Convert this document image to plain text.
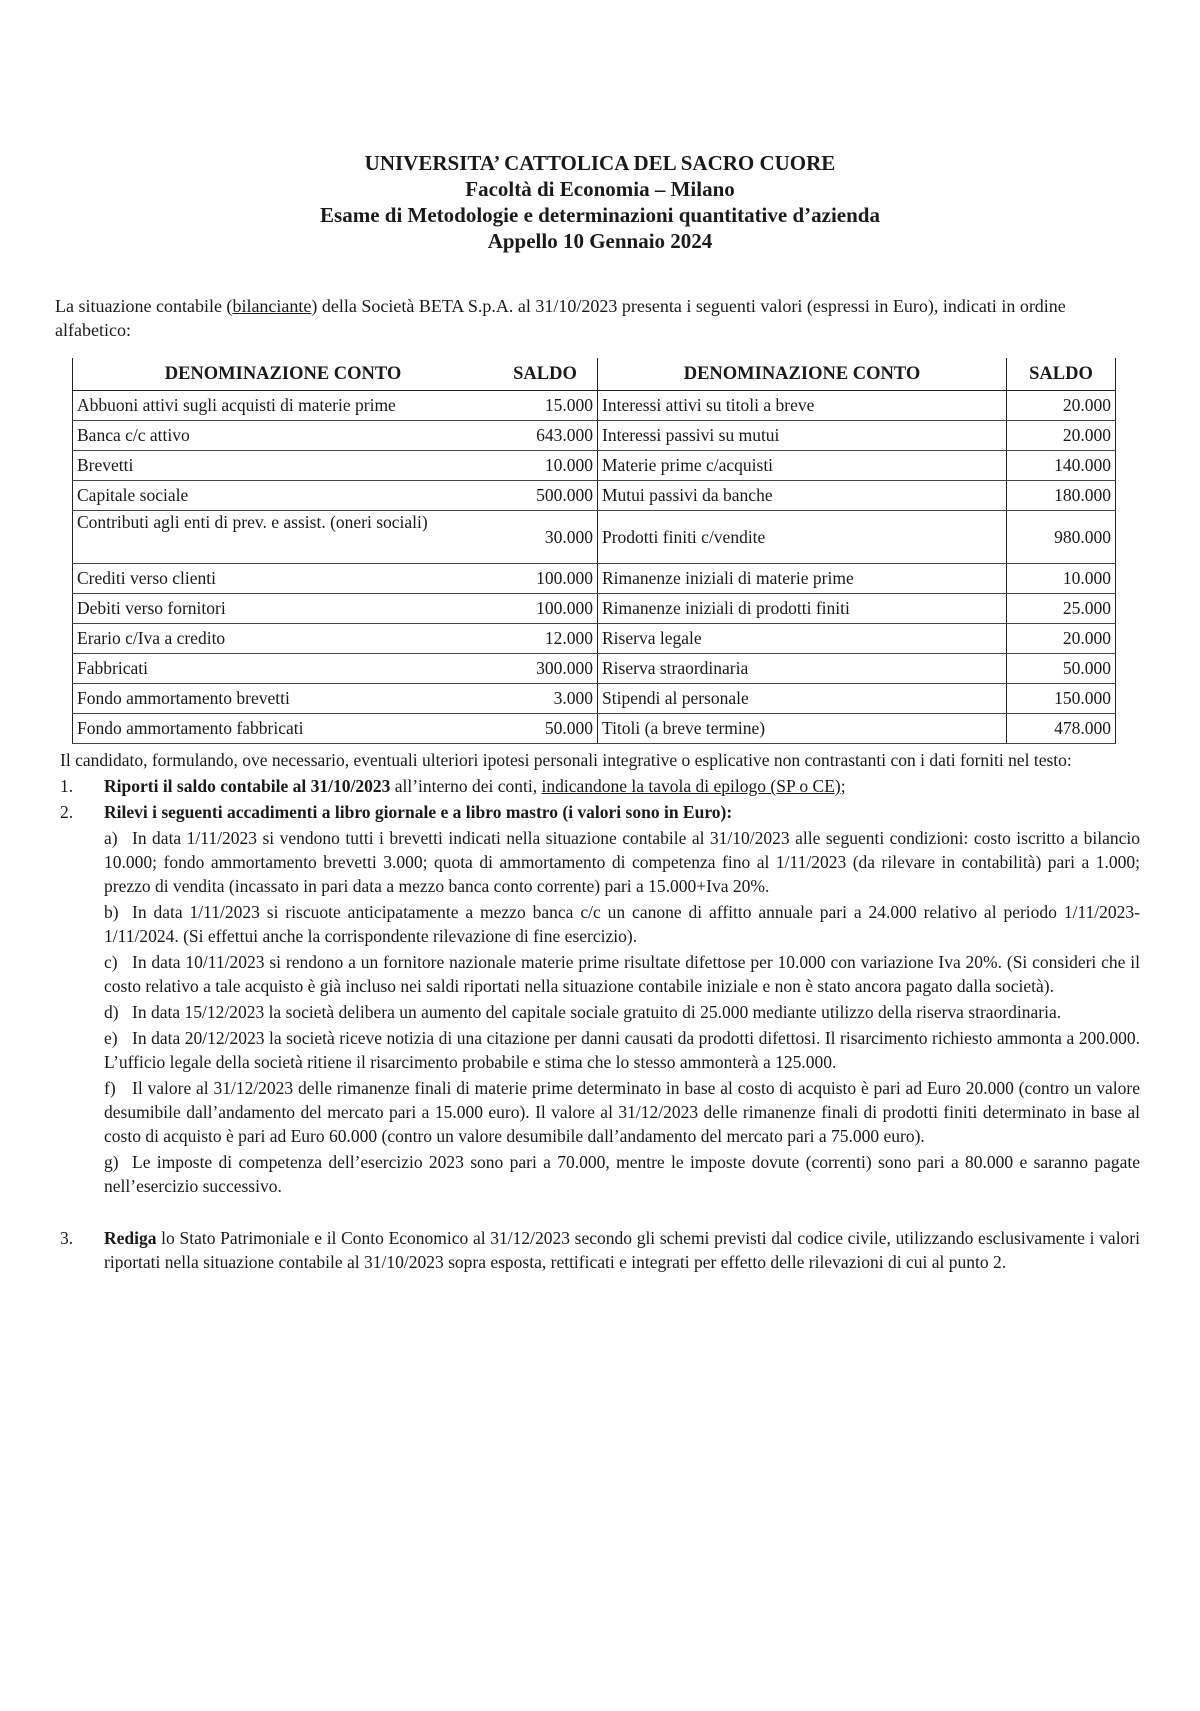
UNIVERSITA’ CATTOLICA DEL SACRO CUORE
Facoltà di Economia – Milano
Esame di Metodologie e determinazioni quantitative d’azienda
Appello 10 Gennaio 2024
La situazione contabile (bilanciante) della Società BETA S.p.A. al 31/10/2023 presenta i seguenti valori (espressi in Euro), indicati in ordine alfabetico:
DENOMINAZIONE CONTO	SALDO	DENOMINAZIONE CONTO	SALDO
Abbuoni attivi sugli acquisti di materie prime	15.000	Interessi attivi su titoli a breve	20.000
Banca c/c attivo	643.000	Interessi passivi su mutui	20.000
Brevetti	10.000	Materie prime c/acquisti	140.000
Capitale sociale	500.000	Mutui passivi da banche	180.000
Contributi agli enti di prev. e assist. (oneri sociali)	30.000	Prodotti finiti c/vendite	980.000
Crediti verso clienti	100.000	Rimanenze iniziali di materie prime	10.000
Debiti verso fornitori	100.000	Rimanenze iniziali di prodotti finiti	25.000
Erario c/Iva a credito	12.000	Riserva legale	20.000
Fabbricati	300.000	Riserva straordinaria	50.000
Fondo ammortamento brevetti	3.000	Stipendi al personale	150.000
Fondo ammortamento fabbricati	50.000	Titoli (a breve termine)	478.000

Il candidato, formulando, ove necessario, eventuali ulteriori ipotesi personali integrative o esplicative non contrastanti con i dati forniti nel testo:

1.	Riporti il saldo contabile al 31/10/2023 all’interno dei conti, indicandone la tavola di epilogo (SP o CE);
2.	Rilevi i seguenti accadimenti a libro giornale e a libro mastro (i valori sono in Euro):
a) In data 1/11/2023 si vendono tutti i brevetti indicati nella situazione contabile al 31/10/2023 alle seguenti condizioni: costo iscritto a bilancio 10.000; fondo ammortamento brevetti 3.000; quota di ammortamento di competenza fino al 1/11/2023 (da rilevare in contabilità) pari a 1.000; prezzo di vendita (incassato in pari data a mezzo banca conto corrente) pari a 15.000+Iva 20%.
b) In data 1/11/2023 si riscuote anticipatamente a mezzo banca c/c un canone di affitto annuale pari a 24.000 relativo al periodo 1/11/2023-1/11/2024. (Si effettui anche la corrispondente rilevazione di fine esercizio).
c) In data 10/11/2023 si rendono a un fornitore nazionale materie prime risultate difettose per 10.000 con variazione Iva 20%. (Si consideri che il costo relativo a tale acquisto è già incluso nei saldi riportati nella situazione contabile iniziale e non è stato ancora pagato dalla società).
d) In data 15/12/2023 la società delibera un aumento del capitale sociale gratuito di 25.000 mediante utilizzo della riserva straordinaria.
e) In data 20/12/2023 la società riceve notizia di una citazione per danni causati da prodotti difettosi. Il risarcimento richiesto ammonta a 200.000. L’ufficio legale della società ritiene il risarcimento probabile e stima che lo stesso ammonterà a 125.000.
f) Il valore al 31/12/2023 delle rimanenze finali di materie prime determinato in base al costo di acquisto è pari ad Euro 20.000 (contro un valore desumibile dall’andamento del mercato pari a 15.000 euro). Il valore al 31/12/2023 delle rimanenze finali di prodotti finiti determinato in base al costo di acquisto è pari ad Euro 60.000 (contro un valore desumibile dall’andamento del mercato pari a 75.000 euro).
g) Le imposte di competenza dell’esercizio 2023 sono pari a 70.000, mentre le imposte dovute (correnti) sono pari a 80.000 e saranno pagate nell’esercizio successivo.
3.	Rediga lo Stato Patrimoniale e il Conto Economico al 31/12/2023 secondo gli schemi previsti dal codice civile, utilizzando esclusivamente i valori riportati nella situazione contabile al 31/10/2023 sopra esposta, rettificati e integrati per effetto delle rilevazioni di cui al punto 2.
